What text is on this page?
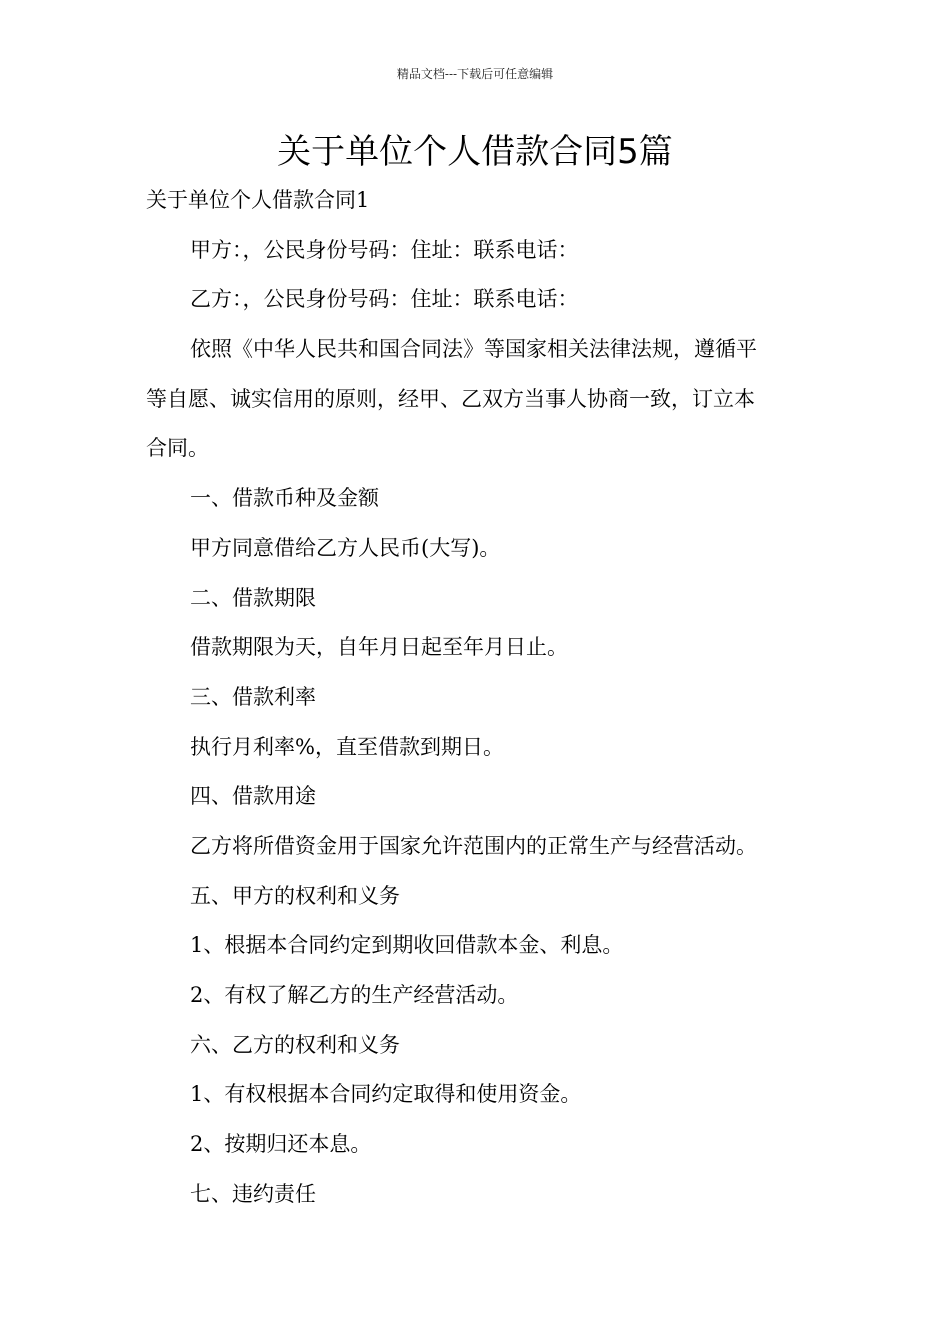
精品文档---下载后可任意编辑
关于单位个人借款合同5篇
关于单位个人借款合同1
甲方：，公民身份号码：住址：联系电话：
乙方：，公民身份号码：住址：联系电话：
依照《中华人民共和国合同法》等国家相关法律法规，遵循平
等自愿、诚实信用的原则，经甲、乙双方当事人协商一致，订立本
合同。
一、借款币种及金额
甲方同意借给乙方人民币(大写)。
二、借款期限
借款期限为天，自年月日起至年月日止。
三、借款利率
执行月利率%，直至借款到期日。
四、借款用途
乙方将所借资金用于国家允许范围内的正常生产与经营活动。
五、甲方的权利和义务
1、根据本合同约定到期收回借款本金、利息。
2、有权了解乙方的生产经营活动。
六、乙方的权利和义务
1、有权根据本合同约定取得和使用资金。
2、按期归还本息。
七、违约责任
